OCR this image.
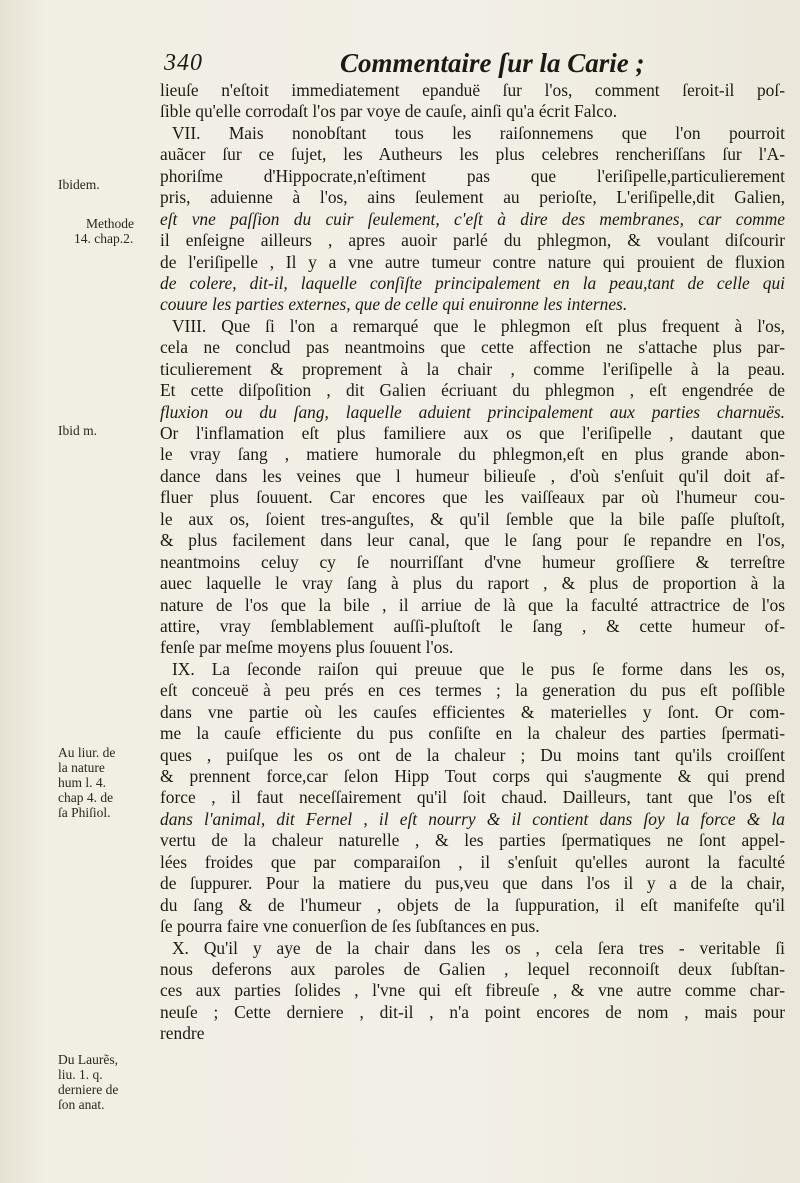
340	Commentaire ſur la Carie ;
Ibidem.
Methode
14. chap.2.
Ibid m.
Au liur. de
la nature
hum l. 4.
chap 4. de
ſa Phiſiol.
Du Laurẽs,
liu. 1. q.
derniere de
ſon anat.
lieuſe n'eſtoit immediatement epanduë ſur l'os, comment ſeroit-il poſ-
ſible qu'elle corrodaſt l'os par voye de cauſe, ainſi qu'a écrit Falco.
VII. Mais nonobſtant tous les raiſonnemens que l'on pourroit
auãcer ſur ce ſujet, les Autheurs les plus celebres rencheriſſans ſur l'A-
phoriſme d'Hippocrate,n'eſtiment pas que l'eriſipelle,particulierement
pris, aduienne à l'os, ains ſeulement au perioſte, L'eriſipelle,dit Galien,
eſt vne paſſion du cuir ſeulement, c'eſt à dire des membranes, car comme
il enſeigne ailleurs , apres auoir parlé du phlegmon, & voulant diſcourir
de l'eriſipelle , Il y a vne autre tumeur contre nature qui prouient de fluxion
de colere, dit-il, laquelle conſiſte principalement en la peau,tant de celle qui
couure les parties externes, que de celle qui enuironne les internes.
VIII. Que ſi l'on a remarqué que le phlegmon eſt plus frequent à l'os,
cela ne conclud pas neantmoins que cette affection ne s'attache plus par-
ticulierement & proprement à la chair , comme l'eriſipelle à la peau.
Et cette diſpoſition , dit Galien écriuant du phlegmon , eſt engendrée de
fluxion ou du ſang, laquelle aduient principalement aux parties charnuës.
Or l'inflamation eſt plus familiere aux os que l'eriſipelle , dautant que
le vray ſang , matiere humorale du phlegmon,eſt en plus grande abon-
dance dans les veines que l humeur bilieuſe , d'où s'enſuit qu'il doit af-
fluer plus ſouuent. Car encores que les vaiſſeaux par où l'humeur cou-
le aux os, ſoient tres-anguſtes, & qu'il ſemble que la bile paſſe pluſtoſt,
& plus facilement dans leur canal, que le ſang pour ſe repandre en l'os,
neantmoins celuy cy ſe nourriſſant d'vne humeur groſſiere & terreſtre
auec laquelle le vray ſang à plus du raport , & plus de proportion à la
nature de l'os que la bile , il arriue de là que la faculté attractrice de l'os
attire, vray ſemblablement auſſi-pluſtoſt le ſang , & cette humeur of-
fenſe par meſme moyens plus ſouuent l'os.
IX. La ſeconde raiſon qui preuue que le pus ſe forme dans les os,
eſt conceuë à peu prés en ces termes ; la generation du pus eſt poſſible
dans vne partie où les cauſes efficientes & materielles y ſont. Or com-
me la cauſe efficiente du pus conſiſte en la chaleur des parties ſpermati-
ques , puiſque les os ont de la chaleur ; Du moins tant qu'ils croiſſent
& prennent force,car ſelon Hipp Tout corps qui s'augmente & qui prend
force , il faut neceſſairement qu'il ſoit chaud. Dailleurs, tant que l'os eſt
dans l'animal, dit Fernel , il eſt nourry & il contient dans ſoy la force & la
vertu de la chaleur naturelle , & les parties ſpermatiques ne ſont appel-
lées froides que par comparaiſon , il s'enſuit qu'elles auront la faculté
de ſuppurer. Pour la matiere du pus,veu que dans l'os il y a de la chair,
du ſang & de l'humeur , objets de la ſuppuration, il eſt manifeſte qu'il
ſe pourra faire vne conuerſion de ſes ſubſtances en pus.
X. Qu'il y aye de la chair dans les os , cela ſera tres - veritable ſi
nous deferons aux paroles de Galien , lequel reconnoiſt deux ſubſtan-
ces aux parties ſolides , l'vne qui eſt fibreuſe , & vne autre comme char-
neuſe ; Cette derniere , dit-il , n'a point encores de nom , mais pour
rendre
